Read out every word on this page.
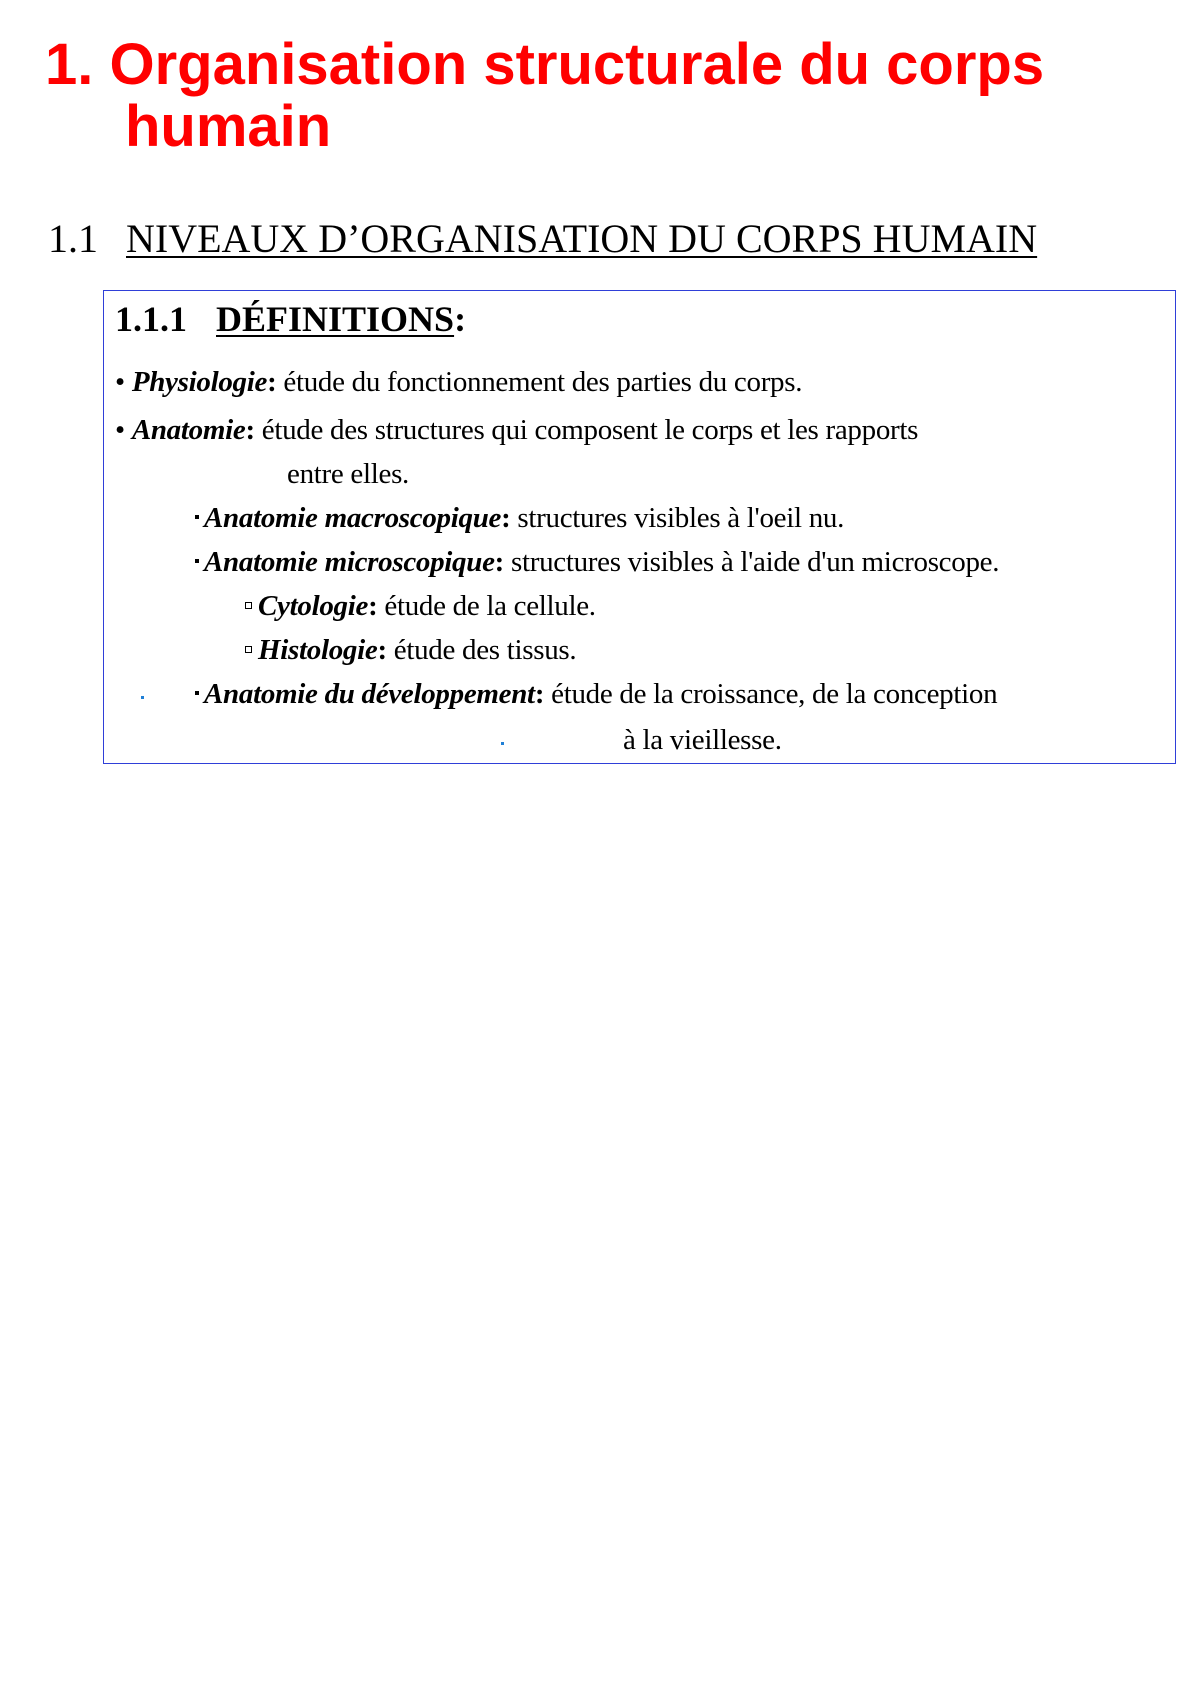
1. Organisation structurale du corps
humain
1.1 NIVEAUX D’ORGANISATION DU CORPS HUMAIN
1.1.1 DÉFINITIONS:

• Physiologie: étude du fonctionnement des parties du corps.

• Anatomie: étude des structures qui composent le corps et les rapports

entre elles.

Anatomie macroscopique: structures visibles à l'oeil nu.

Anatomie microscopique: structures visibles à l'aide d'un microscope.

Cytologie: étude de la cellule.

Histologie: étude des tissus.

Anatomie du développement: étude de la croissance, de la conception

à la vieillesse.
